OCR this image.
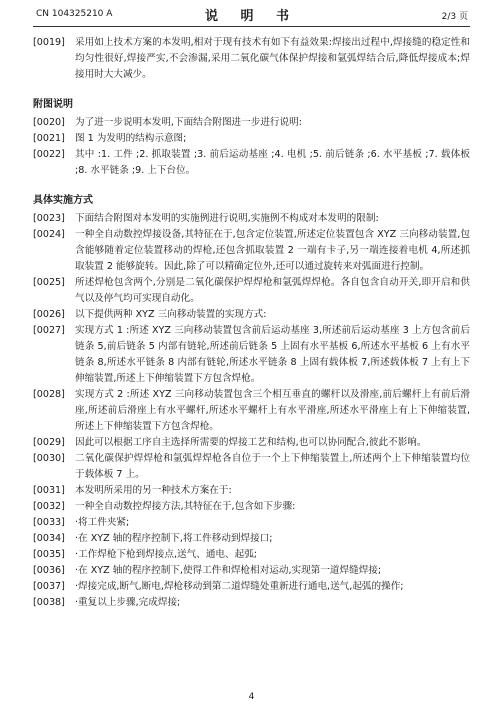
CN 104325210 A	说 明 书	2/3 页
[0019]	采用如上技术方案的本发明,相对于现有技术有如下有益效果:焊接出过程中,焊接缝的稳定性和均匀性很好,焊接严实,不会渗漏,采用二氧化碳气体保护焊接和氩弧焊结合后,降低焊接成本;焊接用时大大减少。
附图说明
[0020]	为了进一步说明本发明,下面结合附图进一步进行说明:
[0021]	图 1 为发明的结构示意图;
[0022]	其中 :1. 工件 ;2. 抓取装置 ;3. 前后运动基座 ;4. 电机 ;5. 前后链条 ;6. 水平基板 ;7. 载体板 ;8. 水平链条 ;9. 上下台位。
具体实施方式
[0023]	下面结合附图对本发明的实施例进行说明,实施例不构成对本发明的限制:
[0024]	一种全自动数控焊接设备,其特征在于,包含定位装置,所述定位装置包含 XYZ 三向移动装置,包含能够随着定位装置移动的焊枪,还包含抓取装置 2 一端有卡子,另一端连接着电机 4,所述抓取装置 2 能够旋转。因此,除了可以精确定位外,还可以通过旋转来对弧面进行控制。
[0025]	所述焊枪包含两个,分别是二氧化碳保护焊焊枪和氩弧焊焊枪。各自包含自动开关,即开启和供气以及停气均可实现自动化。
[0026]	以下提供两种 XYZ 三向移动装置的实现方式:
[0027]	实现方式 1 :所述 XYZ 三向移动装置包含前后运动基座 3,所述前后运动基座 3 上方包含前后链条 5,前后链条 5 内部有链轮,所述前后链条 5 上固有水平基板 6,所述水平基板 6 上有水平链条 8,所述水平链条 8 内部有链轮,所述水平链条 8 上固有载体板 7,所述载体板 7 上有上下伸缩装置,所述上下伸缩装置下方包含焊枪。
[0028]	实现方式 2 :所述 XYZ 三向移动装置包含三个相互垂直的螺杆以及滑座,前后螺杆上有前后滑座,所述前后滑座上有水平螺杆,所述水平螺杆上有水平滑座,所述水平滑座上有上下伸缩装置,所述上下伸缩装置下方包含焊枪。
[0029]	因此可以根据工序自主选择所需要的焊接工艺和结构,也可以协同配合,彼此不影响。
[0030]	二氧化碳保护焊焊枪和氩弧焊焊枪各自位于一个上下伸缩装置上,所述两个上下伸缩装置均位于载体板 7 上。
[0031]	本发明所采用的另一种技术方案在于:
[0032]	一种全自动数控焊接方法,其特征在于,包含如下步骤:
[0033]	·将工件夹紧;
[0034]	·在 XYZ 轴的程序控制下,将工件移动到焊接口;
[0035]	·工作焊枪下枪到焊接点,送气、通电、起弧;
[0036]	·在 XYZ 轴的程序控制下,使得工件和焊枪相对运动,实现第一道焊缝焊接;
[0037]	·焊接完成,断气,断电,焊枪移动到第二道焊缝处重新进行通电,送气,起弧的操作;
[0038]	·重复以上步骤,完成焊接;
4
